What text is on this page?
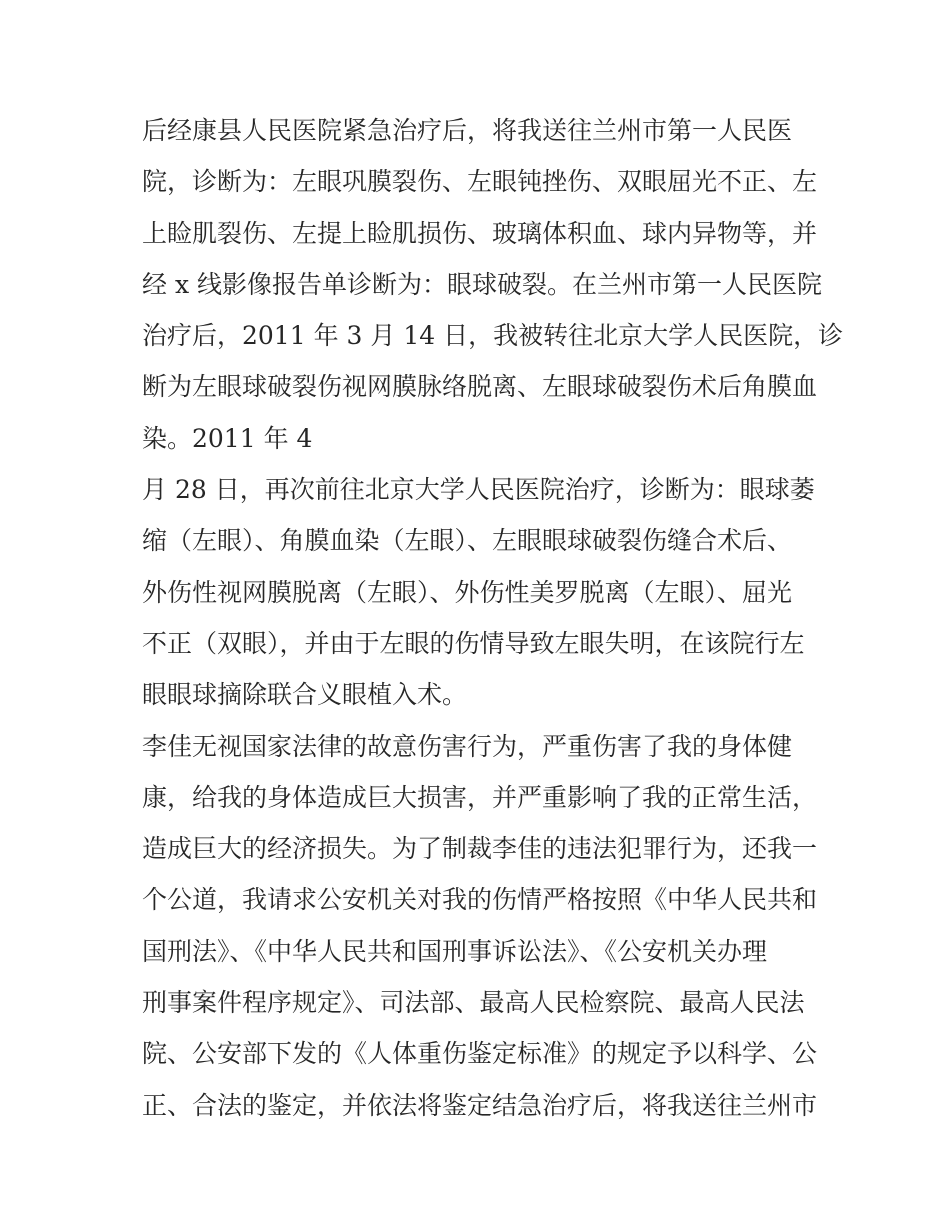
后经康县人民医院紧急治疗后，将我送往兰州市第一人民医
院，诊断为：左眼巩膜裂伤、左眼钝挫伤、双眼屈光不正、左
上睑肌裂伤、左提上睑肌损伤、玻璃体积血、球内异物等，并
经 x 线影像报告单诊断为：眼球破裂。在兰州市第一人民医院
治疗后，2011 年 3 月 14 日，我被转往北京大学人民医院，诊
断为左眼球破裂伤视网膜脉络脱离、左眼球破裂伤术后角膜血
染。2011 年 4
月 28 日，再次前往北京大学人民医院治疗，诊断为：眼球萎
缩（左眼）、角膜血染（左眼）、左眼眼球破裂伤缝合术后、
外伤性视网膜脱离（左眼）、外伤性美罗脱离（左眼）、屈光
不正（双眼），并由于左眼的伤情导致左眼失明，在该院行左
眼眼球摘除联合义眼植入术。
李佳无视国家法律的故意伤害行为，严重伤害了我的身体健
康，给我的身体造成巨大损害，并严重影响了我的正常生活，
造成巨大的经济损失。为了制裁李佳的违法犯罪行为，还我一
个公道，我请求公安机关对我的伤情严格按照《中华人民共和
国刑法》、《中华人民共和国刑事诉讼法》、《公安机关办理
刑事案件程序规定》、司法部、最高人民检察院、最高人民法
院、公安部下发的《人体重伤鉴定标准》的规定予以科学、公
正、合法的鉴定，并依法将鉴定结急治疗后，将我送往兰州市
